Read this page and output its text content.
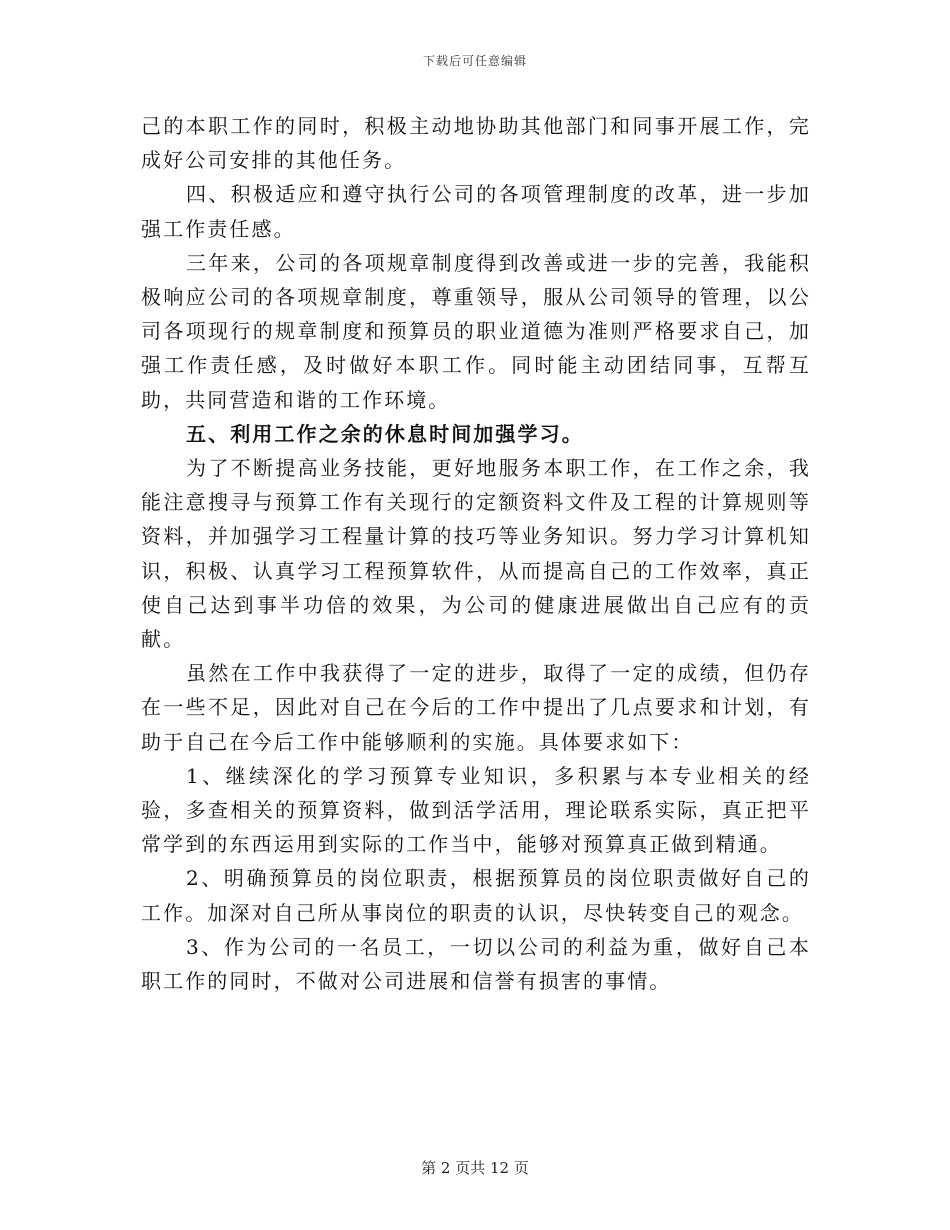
下载后可任意编辑

己的本职工作的同时，积极主动地协助其他部门和同事开展工作，完成好公司安排的其他任务。

四、积极适应和遵守执行公司的各项管理制度的改革，进一步加强工作责任感。

三年来，公司的各项规章制度得到改善或进一步的完善，我能积极响应公司的各项规章制度，尊重领导，服从公司领导的管理，以公司各项现行的规章制度和预算员的职业道德为准则严格要求自己，加强工作责任感，及时做好本职工作。同时能主动团结同事，互帮互助，共同营造和谐的工作环境。

五、利用工作之余的休息时间加强学习。

为了不断提高业务技能，更好地服务本职工作，在工作之余，我能注意搜寻与预算工作有关现行的定额资料文件及工程的计算规则等资料，并加强学习工程量计算的技巧等业务知识。努力学习计算机知识，积极、认真学习工程预算软件，从而提高自己的工作效率，真正使自己达到事半功倍的效果，为公司的健康进展做出自己应有的贡献。

虽然在工作中我获得了一定的进步，取得了一定的成绩，但仍存在一些不足，因此对自己在今后的工作中提出了几点要求和计划，有助于自己在今后工作中能够顺利的实施。具体要求如下：

1、继续深化的学习预算专业知识，多积累与本专业相关的经验，多查相关的预算资料，做到活学活用，理论联系实际，真正把平常学到的东西运用到实际的工作当中，能够对预算真正做到精通。

2、明确预算员的岗位职责，根据预算员的岗位职责做好自己的工作。加深对自己所从事岗位的职责的认识，尽快转变自己的观念。

3、作为公司的一名员工，一切以公司的利益为重，做好自己本职工作的同时，不做对公司进展和信誉有损害的事情。

第 2 页共 12 页
